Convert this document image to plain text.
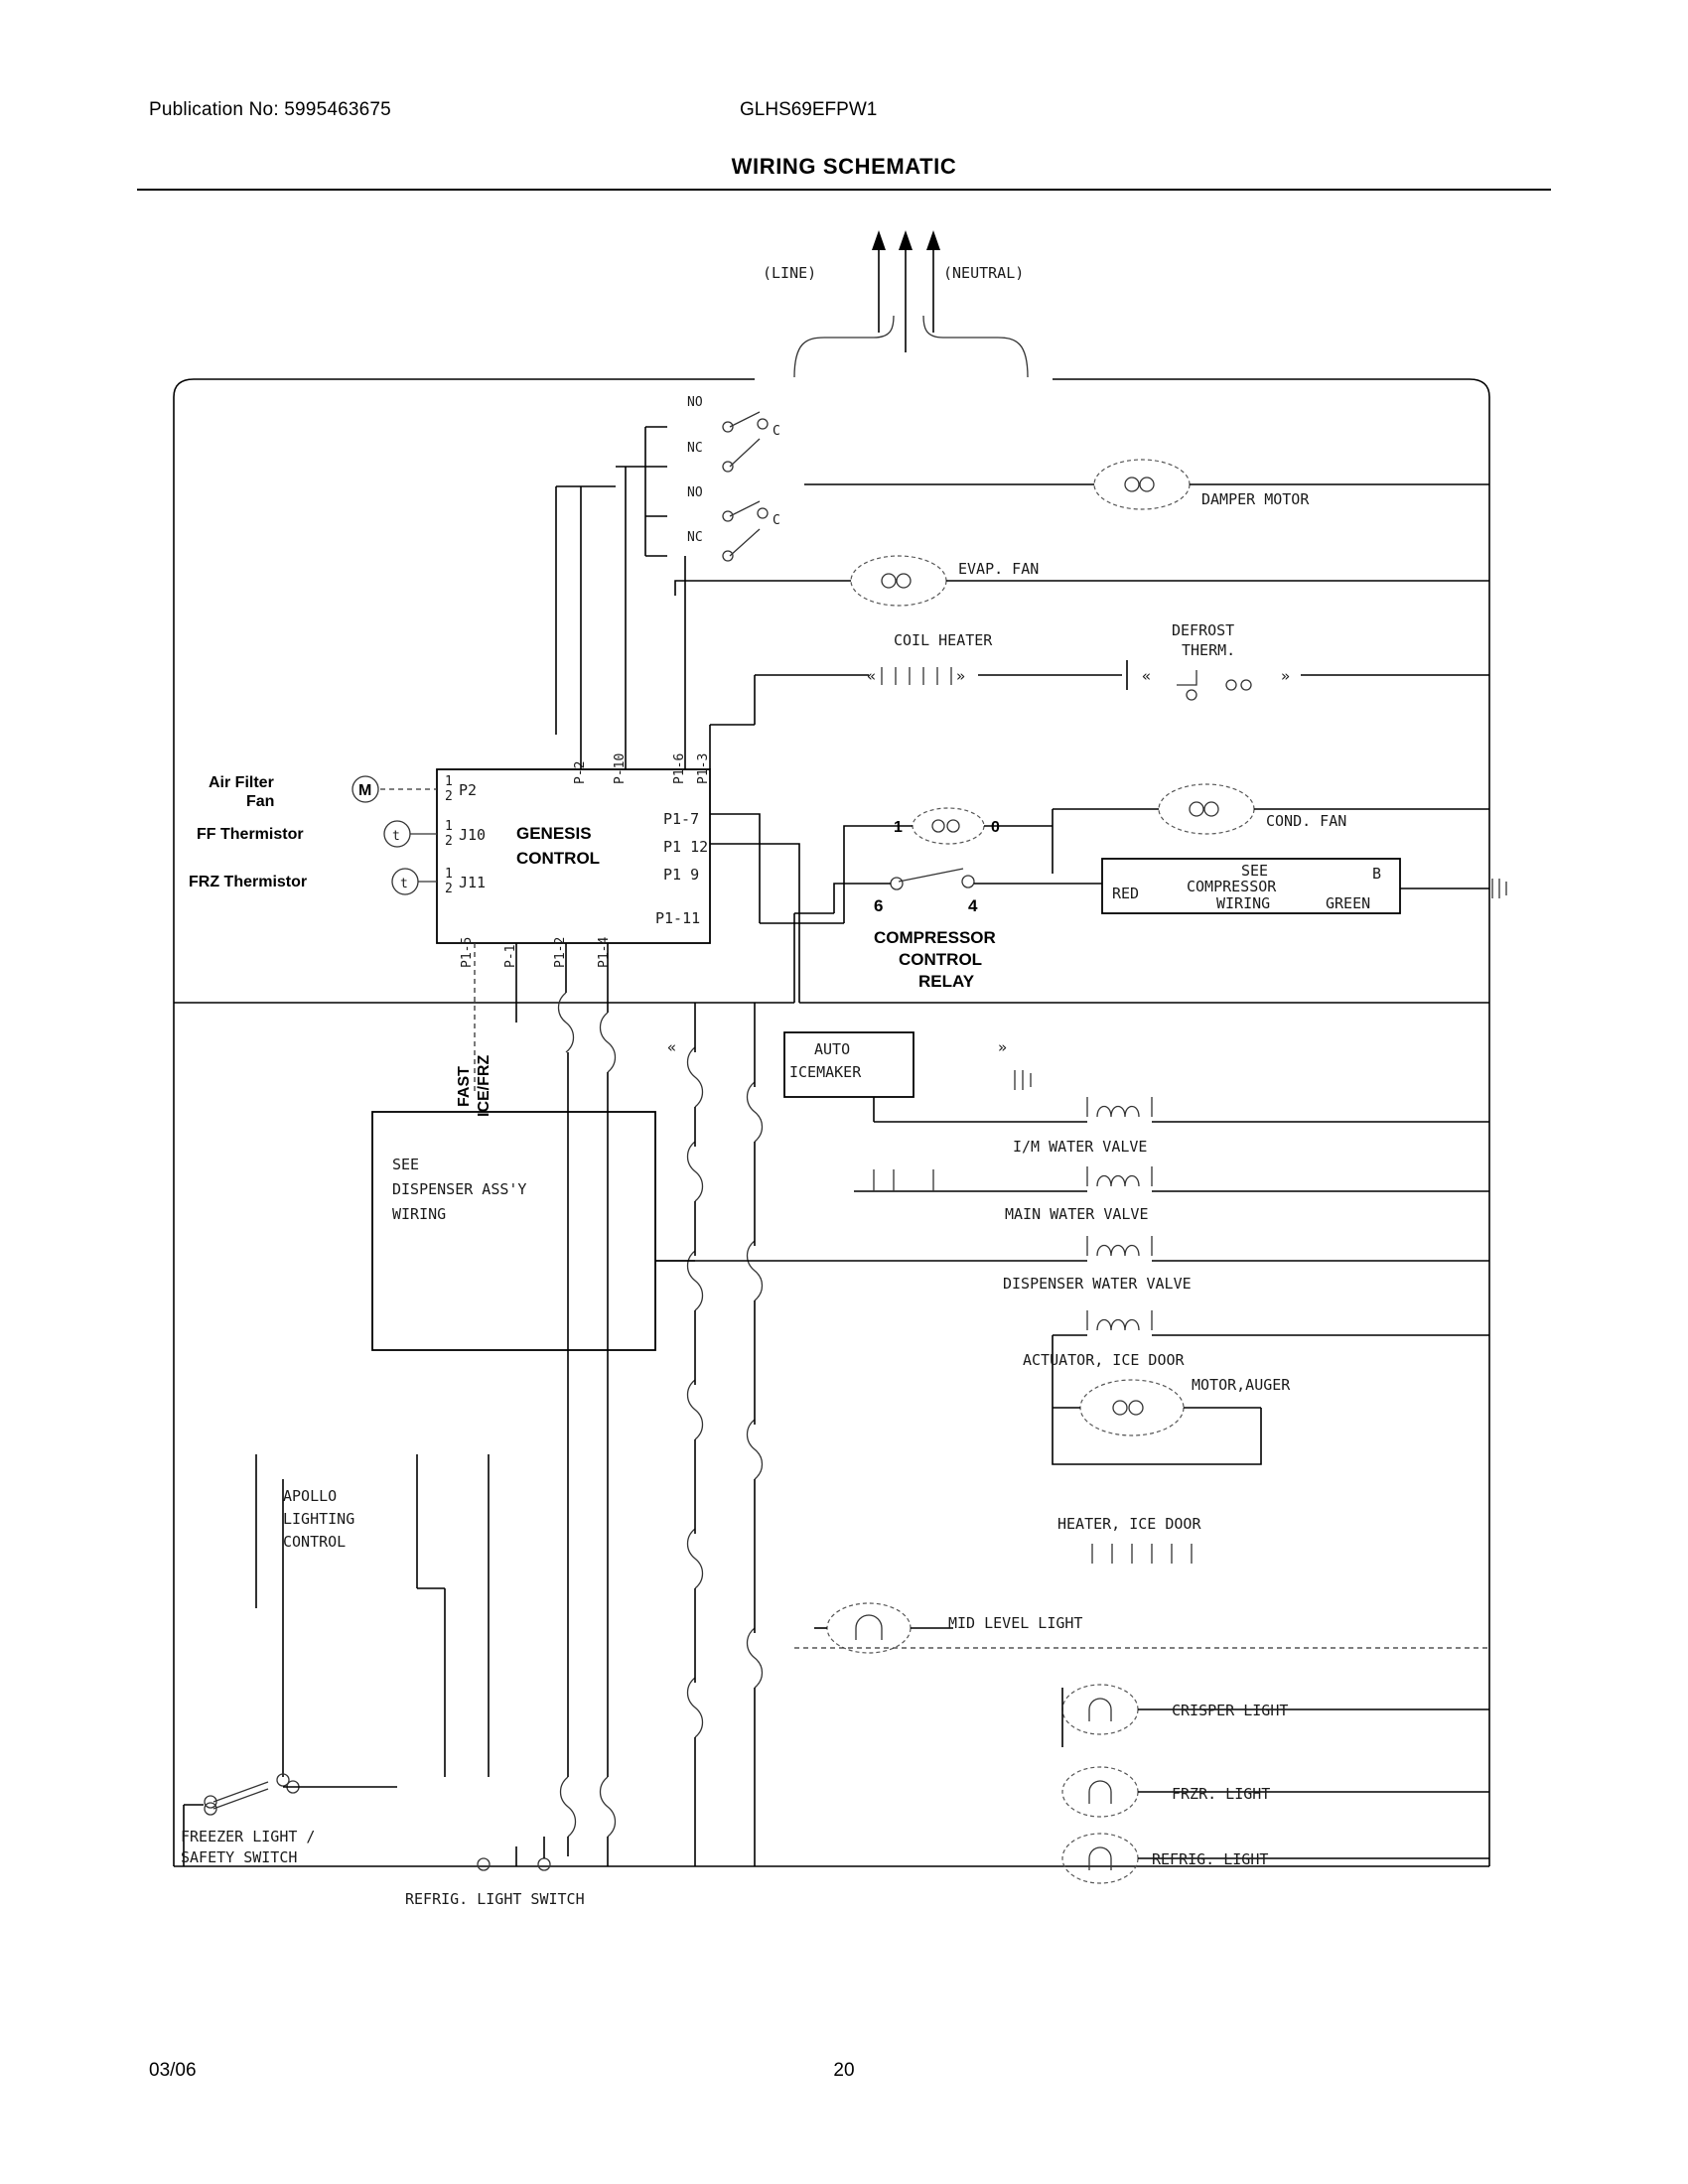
Publication No: 5995463675	GLHS69EFPW1
WIRING SCHEMATIC
(LINE)	(NEUTRAL)
NO
C
NC
NO
C
NC
DAMPER MOTOR
EVAP. FAN
«	»
COIL HEATER
«	»
DEFROST
THERM.
GENESIS
CONTROL
Air Filter
Fan
M
1
2 P2
FF Thermistor	t
1
2 J10
FRZ Thermistor	t
1
2 J11
P1-7
P1 12
P1 9
P1-11
P-2 P-10	P1-6 P1-3
P1-5 P-1	P1-2 P1-4
FAST ICE/FRZ
COND. FAN
1	0
SEE
COMPRESSOR
WIRING
RED
GREEN
B
6	4
COMPRESSOR
CONTROL
RELAY
«	»
AUTO
ICEMAKER
SEE
DISPENSER ASS'Y
WIRING
I/M WATER VALVE
MAIN WATER VALVE
DISPENSER WATER VALVE
ACTUATOR, ICE DOOR
MOTOR,AUGER
HEATER, ICE DOOR
MID LEVEL LIGHT
CRISPER LIGHT
FRZR. LIGHT
REFRIG. LIGHT
APOLLO
LIGHTING
CONTROL
FREEZER LIGHT /
SAFETY SWITCH
REFRIG. LIGHT SWITCH
03/06	20
